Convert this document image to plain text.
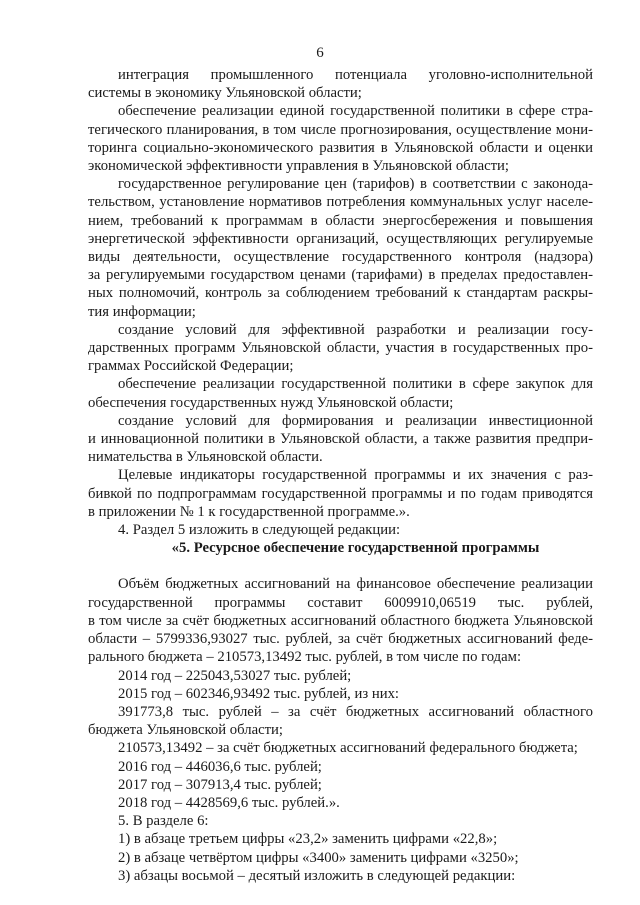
6
интеграция промышленного потенциала уголовно-исполнительной
системы в экономику Ульяновской области;
обеспечение реализации единой государственной политики в сфере стра-
тегического планирования, в том числе прогнозирования, осуществление мони-
торинга социально-экономического развития в Ульяновской области и оценки
экономической эффективности управления в Ульяновской области;
государственное регулирование цен (тарифов) в соответствии с законода-
тельством, установление нормативов потребления коммунальных услуг населе-
нием, требований к программам в области энергосбережения и повышения
энергетической эффективности организаций, осуществляющих регулируемые
виды деятельности, осуществление государственного контроля (надзора)
за регулируемыми государством ценами (тарифами) в пределах предоставлен-
ных полномочий, контроль за соблюдением требований к стандартам раскры-
тия информации;
создание условий для эффективной разработки и реализации госу-
дарственных программ Ульяновской области, участия в государственных про-
граммах Российской Федерации;
обеспечение реализации государственной политики в сфере закупок для
обеспечения государственных нужд Ульяновской области;
создание условий для формирования и реализации инвестиционной
и инновационной политики в Ульяновской области, а также развития предпри-
нимательства в Ульяновской области.
Целевые индикаторы государственной программы и их значения с раз-
бивкой по подпрограммам государственной программы и по годам приводятся
в приложении № 1 к государственной программе.».
4. Раздел 5 изложить в следующей редакции:
«5. Ресурсное обеспечение государственной программы
Объём бюджетных ассигнований на финансовое обеспечение реализации
государственной программы составит 6009910,06519 тыс. рублей,
в том числе за счёт бюджетных ассигнований областного бюджета Ульяновской
области – 5799336,93027 тыс. рублей, за счёт бюджетных ассигнований феде-
рального бюджета – 210573,13492 тыс. рублей, в том числе по годам:
2014 год – 225043,53027 тыс. рублей;
2015 год – 602346,93492 тыс. рублей, из них:
391773,8 тыс. рублей – за счёт бюджетных ассигнований областного
бюджета Ульяновской области;
210573,13492 – за счёт бюджетных ассигнований федерального бюджета;
2016 год – 446036,6 тыс. рублей;
2017 год – 307913,4 тыс. рублей;
2018 год – 4428569,6 тыс. рублей.».
5. В разделе 6:
1) в абзаце третьем цифры «23,2» заменить цифрами «22,8»;
2) в абзаце четвёртом цифры «3400» заменить цифрами «3250»;
3) абзацы восьмой – десятый изложить в следующей редакции:
